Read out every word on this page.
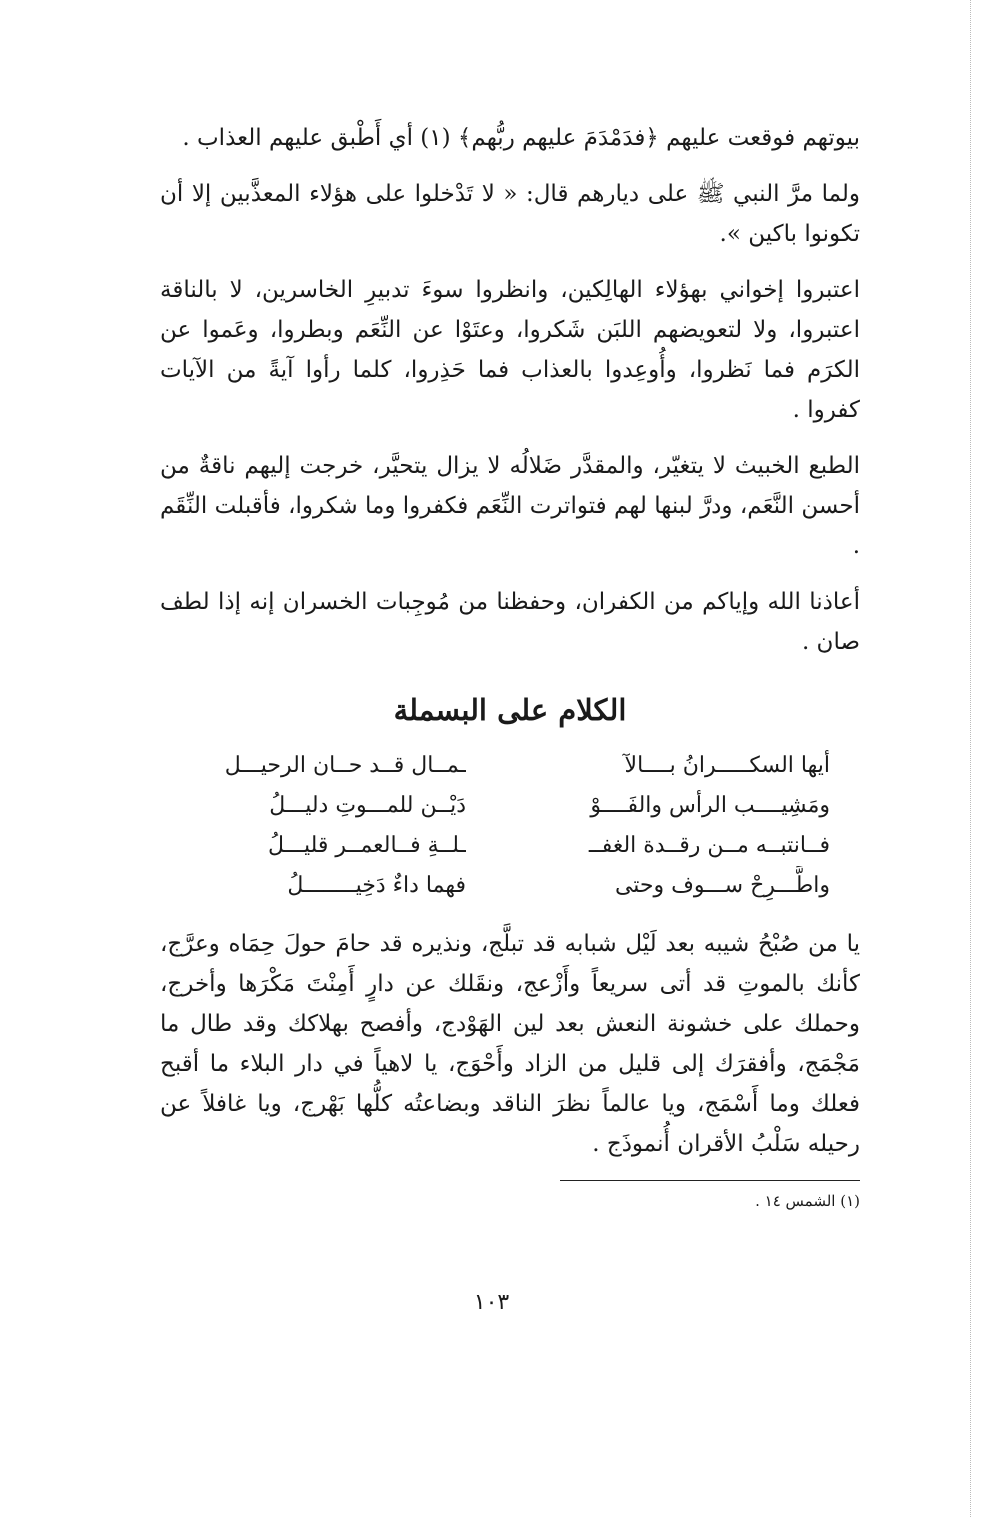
بيوتهم فوقعت عليهم ﴿فدَمْدَمَ عليهم ربُّهم﴾ (١) أي أَطْبق عليهم العذاب .

ولما مرَّ النبي ﷺ على ديارهم قال: « لا تَدْخلوا على هؤلاء المعذَّبين إلا أن تكونوا باكين ».

اعتبروا إخواني بهؤلاء الهالِكين، وانظروا سوءَ تدبيرِ الخاسرين، لا بالناقة اعتبروا، ولا لتعويضهم اللبَن شَكروا، وعتَوْا عن النِّعَم وبطروا، وعَموا عن الكرَم فما نَظروا، وأُوعِدوا بالعذاب فما حَذِروا، كلما رأوا آيةً من الآيات كفروا .

الطبع الخبيث لا يتغيّر، والمقدَّر ضَلالُه لا يزال يتحيَّر، خرجت إليهم ناقةٌ من أحسن النَّعَم، ودرَّ لبنها لهم فتواترت النِّعَم فكفروا وما شكروا، فأقبلت النِّقَم .

أعاذنا الله وإياكم من الكفران، وحفظنا من مُوجِبات الخسران إنه إذا لطف صان .

الكلام على البسملة
أيها السكـــــرانُ بــــالآ
ـمــال قــد حــان الرحيـــل
ومَشِيــــب الرأس والفَــــوْ
دَيْــن للمـــوتِ دليـــلُ
فــانتبــه مــن رقــدة الغفــ
ـلــةِ فــالعمــر قليـــلُ
واطَّـــرِحْ ســـوف وحتى
فهما داءٌ دَخِيــــــــلُ

يا من صُبْحُ شيبه بعد لَيْل شبابه قد تبلَّج، ونذيره قد حامَ حولَ حِمَاه وعرَّج، كأنك بالموتِ قد أتى سريعاً وأَزْعج، ونقَلك عن دارٍ أَمِنْتَ مَكْرَها وأخرج، وحملك على خشونة النعش بعد لين الهَوْدج، وأفصح بهلاكك وقد طال ما مَجْمَج، وأفقرَك إلى قليل من الزاد وأَحْوَج، يا لاهياً في دار البلاء ما أقبح فعلك وما أَسْمَج، ويا عالماً نظرَ الناقد وبضاعتُه كلُّها بَهْرج، ويا غافلاً عن رحيله سَلْبُ الأقران أُنموذَج .

(١) الشمس ١٤ .
١٠٣
